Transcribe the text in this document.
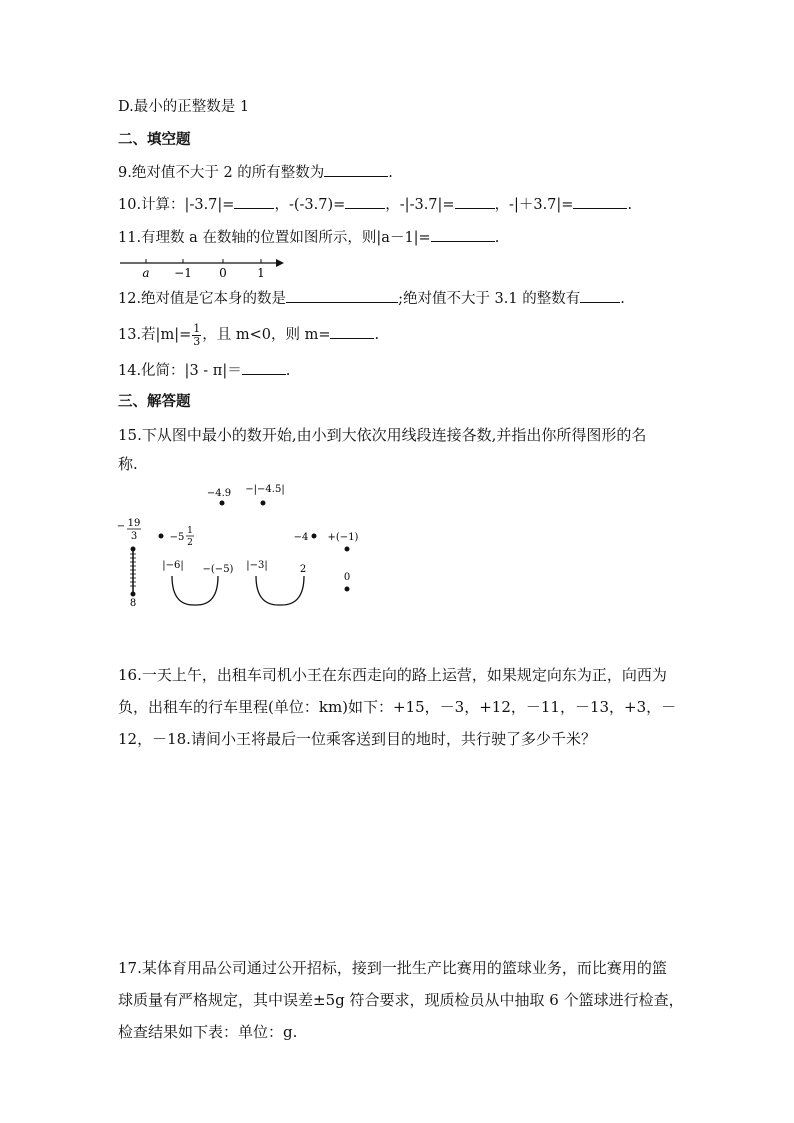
D.最小的正整数是 1
二、填空题
9.绝对值不大于 2 的所有整数为	.
10.计算：|-3.7|=	，-(-3.7)=	，-|-3.7|=	，-|＋3.7|=	.
11.有理数 a 在数轴的位置如图所示，则|a－1|=	.
a −1 0	1
12.绝对值是它本身的数是	;绝对值不大于 3.1 的整数有	.
13.若$|m|= \frac{1}{3}$ ，且 m<0，则 m=	.
14.化简：|3 - π|＝	.
三、解答题
15.下从图中最小的数开始,由小到大依次用线段连接各数,并指出你所得图形的名
称.
−4.9 −|−4.5|
− 19
3
8
−5
1
2
|−6| −(−5) |−3|	2
−4 +(−1)
0
16.一天上午，出租车司机小王在东西走向的路上运营，如果规定向东为正，向西为
负，出租车的行车里程(单位：km)如下：+15，－3，+12，－11，－13，+3，－
12，－18.请间小王将最后一位乘客送到目的地时，共行驶了多少千米？
17.某体育用品公司通过公开招标，接到一批生产比赛用的篮球业务，而比赛用的篮
球质量有严格规定，其中误差±5g 符合要求，现质检员从中抽取 6 个篮球进行检查，
检查结果如下表：单位：g.
